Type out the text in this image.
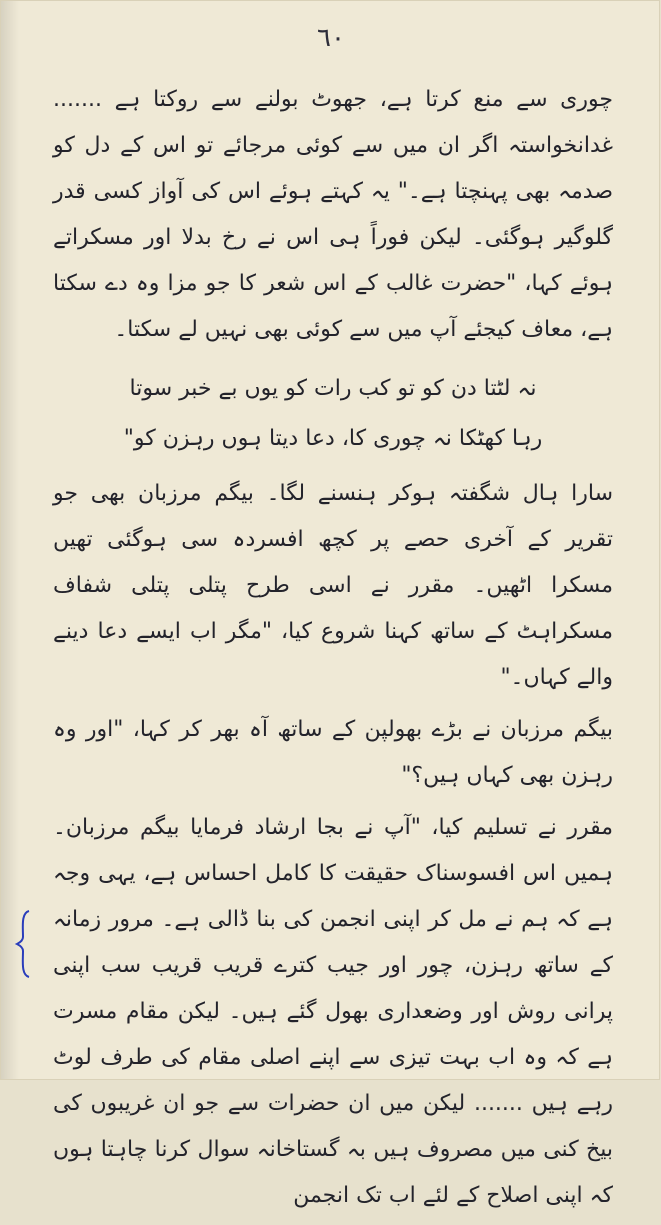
٦٠

چوری سے منع کرتا ہے، جھوٹ بولنے سے روکتا ہے ....... غدانخواستہ اگر ان میں سے کوئی مرجائے تو اس کے دل کو صدمہ بھی پہنچتا ہے۔" یہ کہتے ہوئے اس کی آواز کسی قدر گلوگیر ہوگئی۔ لیکن فوراً ہی اس نے رخ بدلا اور مسکراتے ہوئے کہا، "حضرت غالب کے اس شعر کا جو مزا وہ دے سکتا ہے، معاف کیجئے آپ میں سے کوئی بھی نہیں لے سکتا۔

نہ لٹتا دن کو تو کب رات کو یوں بے خبر سوتا
رہا کھٹکا نہ چوری کا، دعا دیتا ہوں رہزن کو"

سارا ہال شگفتہ ہوکر ہنسنے لگا۔ بیگم مرزبان بھی جو تقریر کے آخری حصے پر کچھ افسردہ سی ہوگئی تھیں مسکرا اٹھیں۔ مقرر نے اسی طرح پتلی پتلی شفاف مسکراہٹ کے ساتھ کہنا شروع کیا، "مگر اب ایسے دعا دینے والے کہاں۔"

بیگم مرزبان نے بڑے بھولپن کے ساتھ آہ بھر کر کہا، "اور وہ رہزن بھی کہاں ہیں؟"

مقرر نے تسلیم کیا، "آپ نے بجا ارشاد فرمایا بیگم مرزبان۔ ہمیں اس افسوسناک حقیقت کا کامل احساس ہے، یہی وجہ ہے کہ ہم نے مل کر اپنی انجمن کی بنا ڈالی ہے۔ مرور زمانہ کے ساتھ رہزن، چور اور جیب کترے قریب قریب سب اپنی پرانی روش اور وضعداری بھول گئے ہیں۔ لیکن مقام مسرت ہے کہ وہ اب بہت تیزی سے اپنے اصلی مقام کی طرف لوٹ رہے ہیں ....... لیکن میں ان حضرات سے جو ان غریبوں کی بیخ کنی میں مصروف ہیں بہ گستاخانہ سوال کرنا چاہتا ہوں کہ اپنی اصلاح کے لئے اب تک انجمن
